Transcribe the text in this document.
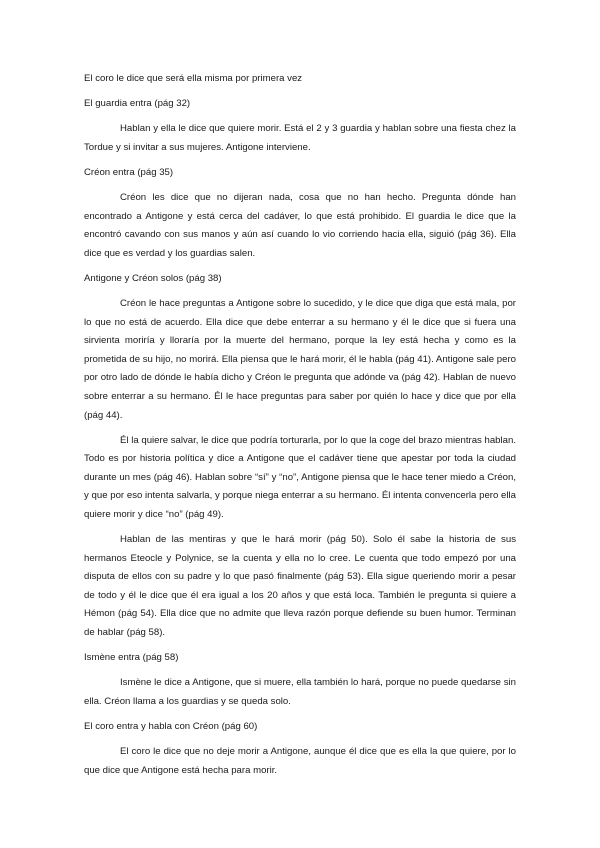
El coro le dice que será ella misma por primera vez

El guardia entra (pág 32)

Hablan y ella le dice que quiere morir. Está el 2 y 3 guardia y hablan sobre una fiesta chez la Tordue y si invitar a sus mujeres. Antigone interviene.

Créon entra (pág 35)

Créon les dice que no dijeran nada, cosa que no han hecho. Pregunta dónde han encontrado a Antigone y está cerca del cadáver, lo que está prohibido. El guardia le dice que la encontró cavando con sus manos y aún así cuando lo vio corriendo hacia ella, siguió (pág 36). Ella dice que es verdad y los guardias salen.

Antigone y Créon solos (pág 38)

Créon le hace preguntas a Antigone sobre lo sucedido, y le dice que diga que está mala, por lo que no está de acuerdo. Ella dice que debe enterrar a su hermano y él le dice que si fuera una sirvienta moriría y lloraría por la muerte del hermano, porque la ley está hecha y como es la prometida de su hijo, no morirá. Ella piensa que le hará morir, él le habla (pág 41). Antigone sale pero por otro lado de dónde le había dicho y Créon le pregunta que adónde va (pág 42). Hablan de nuevo sobre enterrar a su hermano. Él le hace preguntas para saber por quién lo hace y dice que por ella (pág 44).

Él la quiere salvar, le dice que podría torturarla, por lo que la coge del brazo mientras hablan. Todo es por historia política y dice a Antigone que el cadáver tiene que apestar por toda la ciudad durante un mes (pág 46). Hablan sobre “sí” y “no”, Antigone piensa que le hace tener miedo a Créon, y que por eso intenta salvarla, y porque niega enterrar a su hermano. Él intenta convencerla pero ella quiere morir y dice “no” (pág 49).

Hablan de las mentiras y que le hará morir (pág 50). Solo él sabe la historia de sus hermanos Eteocle y Polynice, se la cuenta y ella no lo cree. Le cuenta que todo empezó por una disputa de ellos con su padre y lo que pasó finalmente (pág 53). Ella sigue queriendo morir a pesar de todo y él le dice que él era igual a los 20 años y que está loca. También le pregunta si quiere a Hémon (pág 54). Ella dice que no admite que lleva razón porque defiende su buen humor. Terminan de hablar (pág 58).

Ismène entra (pág 58)

Ismène le dice a Antigone, que si muere, ella también lo hará, porque no puede quedarse sin ella. Créon llama a los guardias y se queda solo.

El coro entra y habla con Créon (pág 60)

El coro le dice que no deje morir a Antigone, aunque él dice que es ella la que quiere, por lo que dice que Antigone está hecha para morir.
